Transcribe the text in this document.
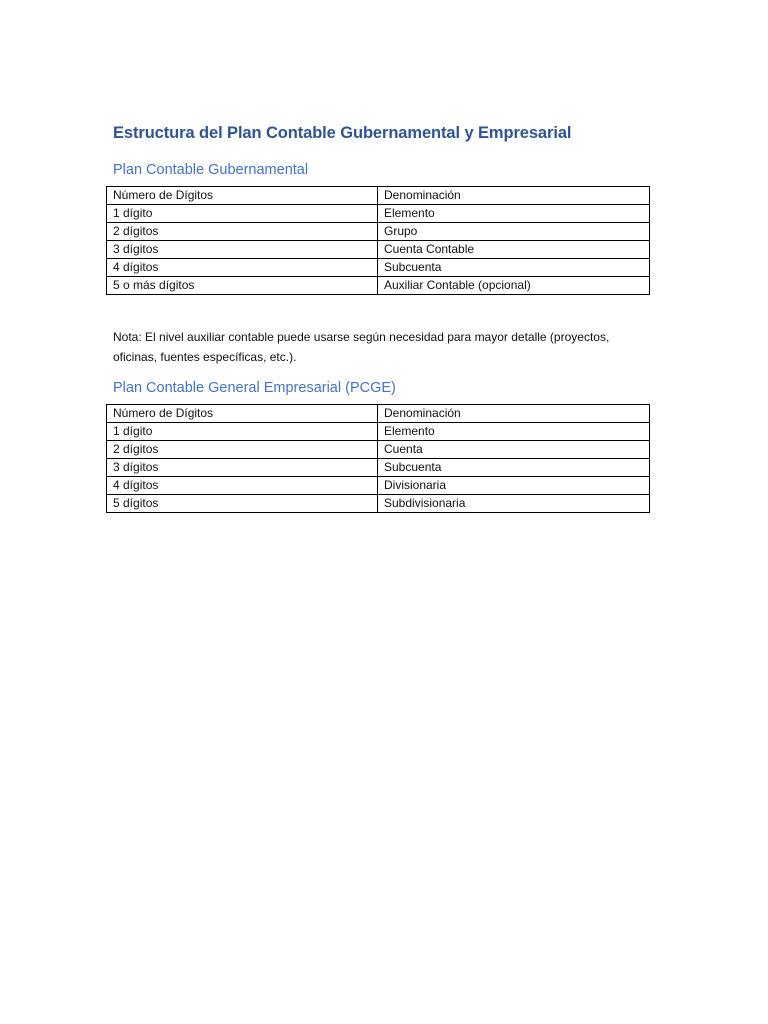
Estructura del Plan Contable Gubernamental y Empresarial
Plan Contable Gubernamental
Número de Dígitos	Denominación
1 dígito	Elemento
2 dígitos	Grupo
3 dígitos	Cuenta Contable
4 dígitos	Subcuenta
5 o más dígitos	Auxiliar Contable (opcional)

Nota: El nivel auxiliar contable puede usarse según necesidad para mayor detalle (proyectos, oficinas, fuentes específicas, etc.).

Plan Contable General Empresarial (PCGE)
Número de Dígitos	Denominación
1 dígito	Elemento
2 dígitos	Cuenta
3 dígitos	Subcuenta
4 dígitos	Divisionaria
5 dígitos	Subdivisionaria
